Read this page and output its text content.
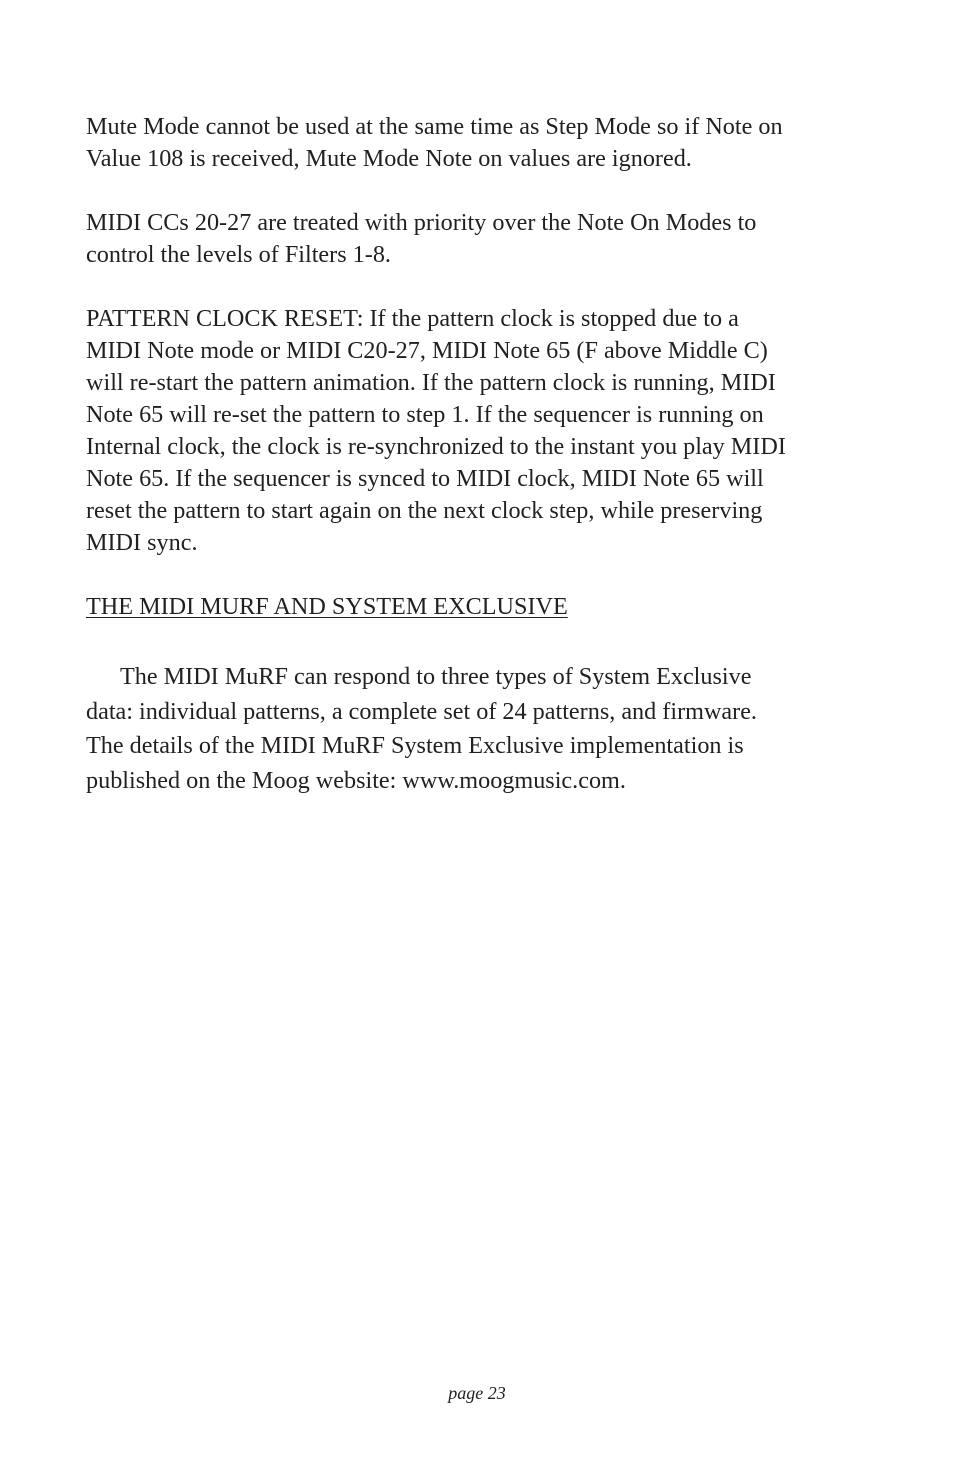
Mute Mode cannot be used at the same time as Step Mode so if Note on
Value 108 is received, Mute Mode Note on values are ignored.

MIDI CCs 20-27 are treated with priority over the Note On Modes to
control the levels of Filters 1-8.

PATTERN CLOCK RESET: If the pattern clock is stopped due to a
MIDI Note mode or MIDI C20-27, MIDI Note 65 (F above Middle C)
will re-start the pattern animation. If the pattern clock is running, MIDI
Note 65 will re-set the pattern to step 1. If the sequencer is running on
Internal clock, the clock is re-synchronized to the instant you play MIDI
Note 65. If the sequencer is synced to MIDI clock, MIDI Note 65 will
reset the pattern to start again on the next clock step, while preserving
MIDI sync.

THE MIDI MURF AND SYSTEM EXCLUSIVE

The MIDI MuRF can respond to three types of System Exclusive
data: individual patterns, a complete set of 24 patterns, and firmware.
The details of the MIDI MuRF System Exclusive implementation is
published on the Moog website: www.moogmusic.com.

page 23
